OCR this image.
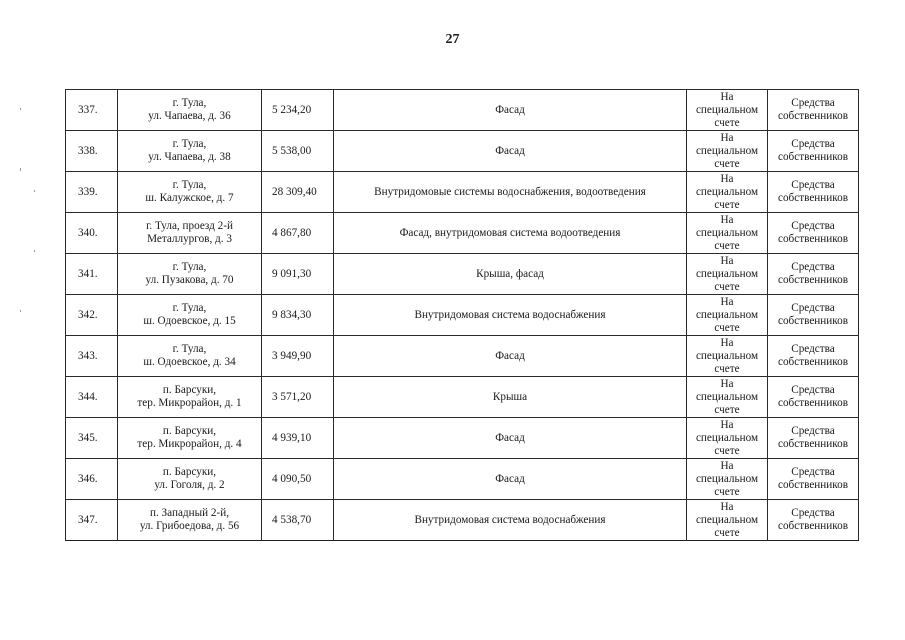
27
337.	г. Тула,
ул. Чапаева, д. 36	5 234,20	Фасад	На
специальном
счете	Средства
собственников

338.	г. Тула,
ул. Чапаева, д. 38	5 538,00	Фасад	На
специальном
счете	Средства
собственников

339.	г. Тула,
ш. Калужское, д. 7	28 309,40	Внутридомовые системы водоснабжения, водоотведения	На
специальном
счете	Средства
собственников

340.	г. Тула, проезд 2-й
Металлургов, д. 3	4 867,80	Фасад, внутридомовая система водоотведения	На
специальном
счете	Средства
собственников

341.	г. Тула,
ул. Пузакова, д. 70	9 091,30	Крыша, фасад	На
специальном
счете	Средства
собственников

342.	г. Тула,
ш. Одоевское, д. 15	9 834,30	Внутридомовая система водоснабжения	На
специальном
счете	Средства
собственников

343.	г. Тула,
ш. Одоевское, д. 34	3 949,90	Фасад	На
специальном
счете	Средства
собственников

344.	п. Барсуки,
тер. Микрорайон, д. 1	3 571,20	Крыша	На
специальном
счете	Средства
собственников

345.	п. Барсуки,
тер. Микрорайон, д. 4	4 939,10	Фасад	На
специальном
счете	Средства
собственников

346.	п. Барсуки,
ул. Гоголя, д. 2	4 090,50	Фасад	На
специальном
счете	Средства
собственников

347.	п. Западный 2-й,
ул. Грибоедова, д. 56	4 538,70	Внутридомовая система водоснабжения	На
специальном
счете	Средства
собственников
